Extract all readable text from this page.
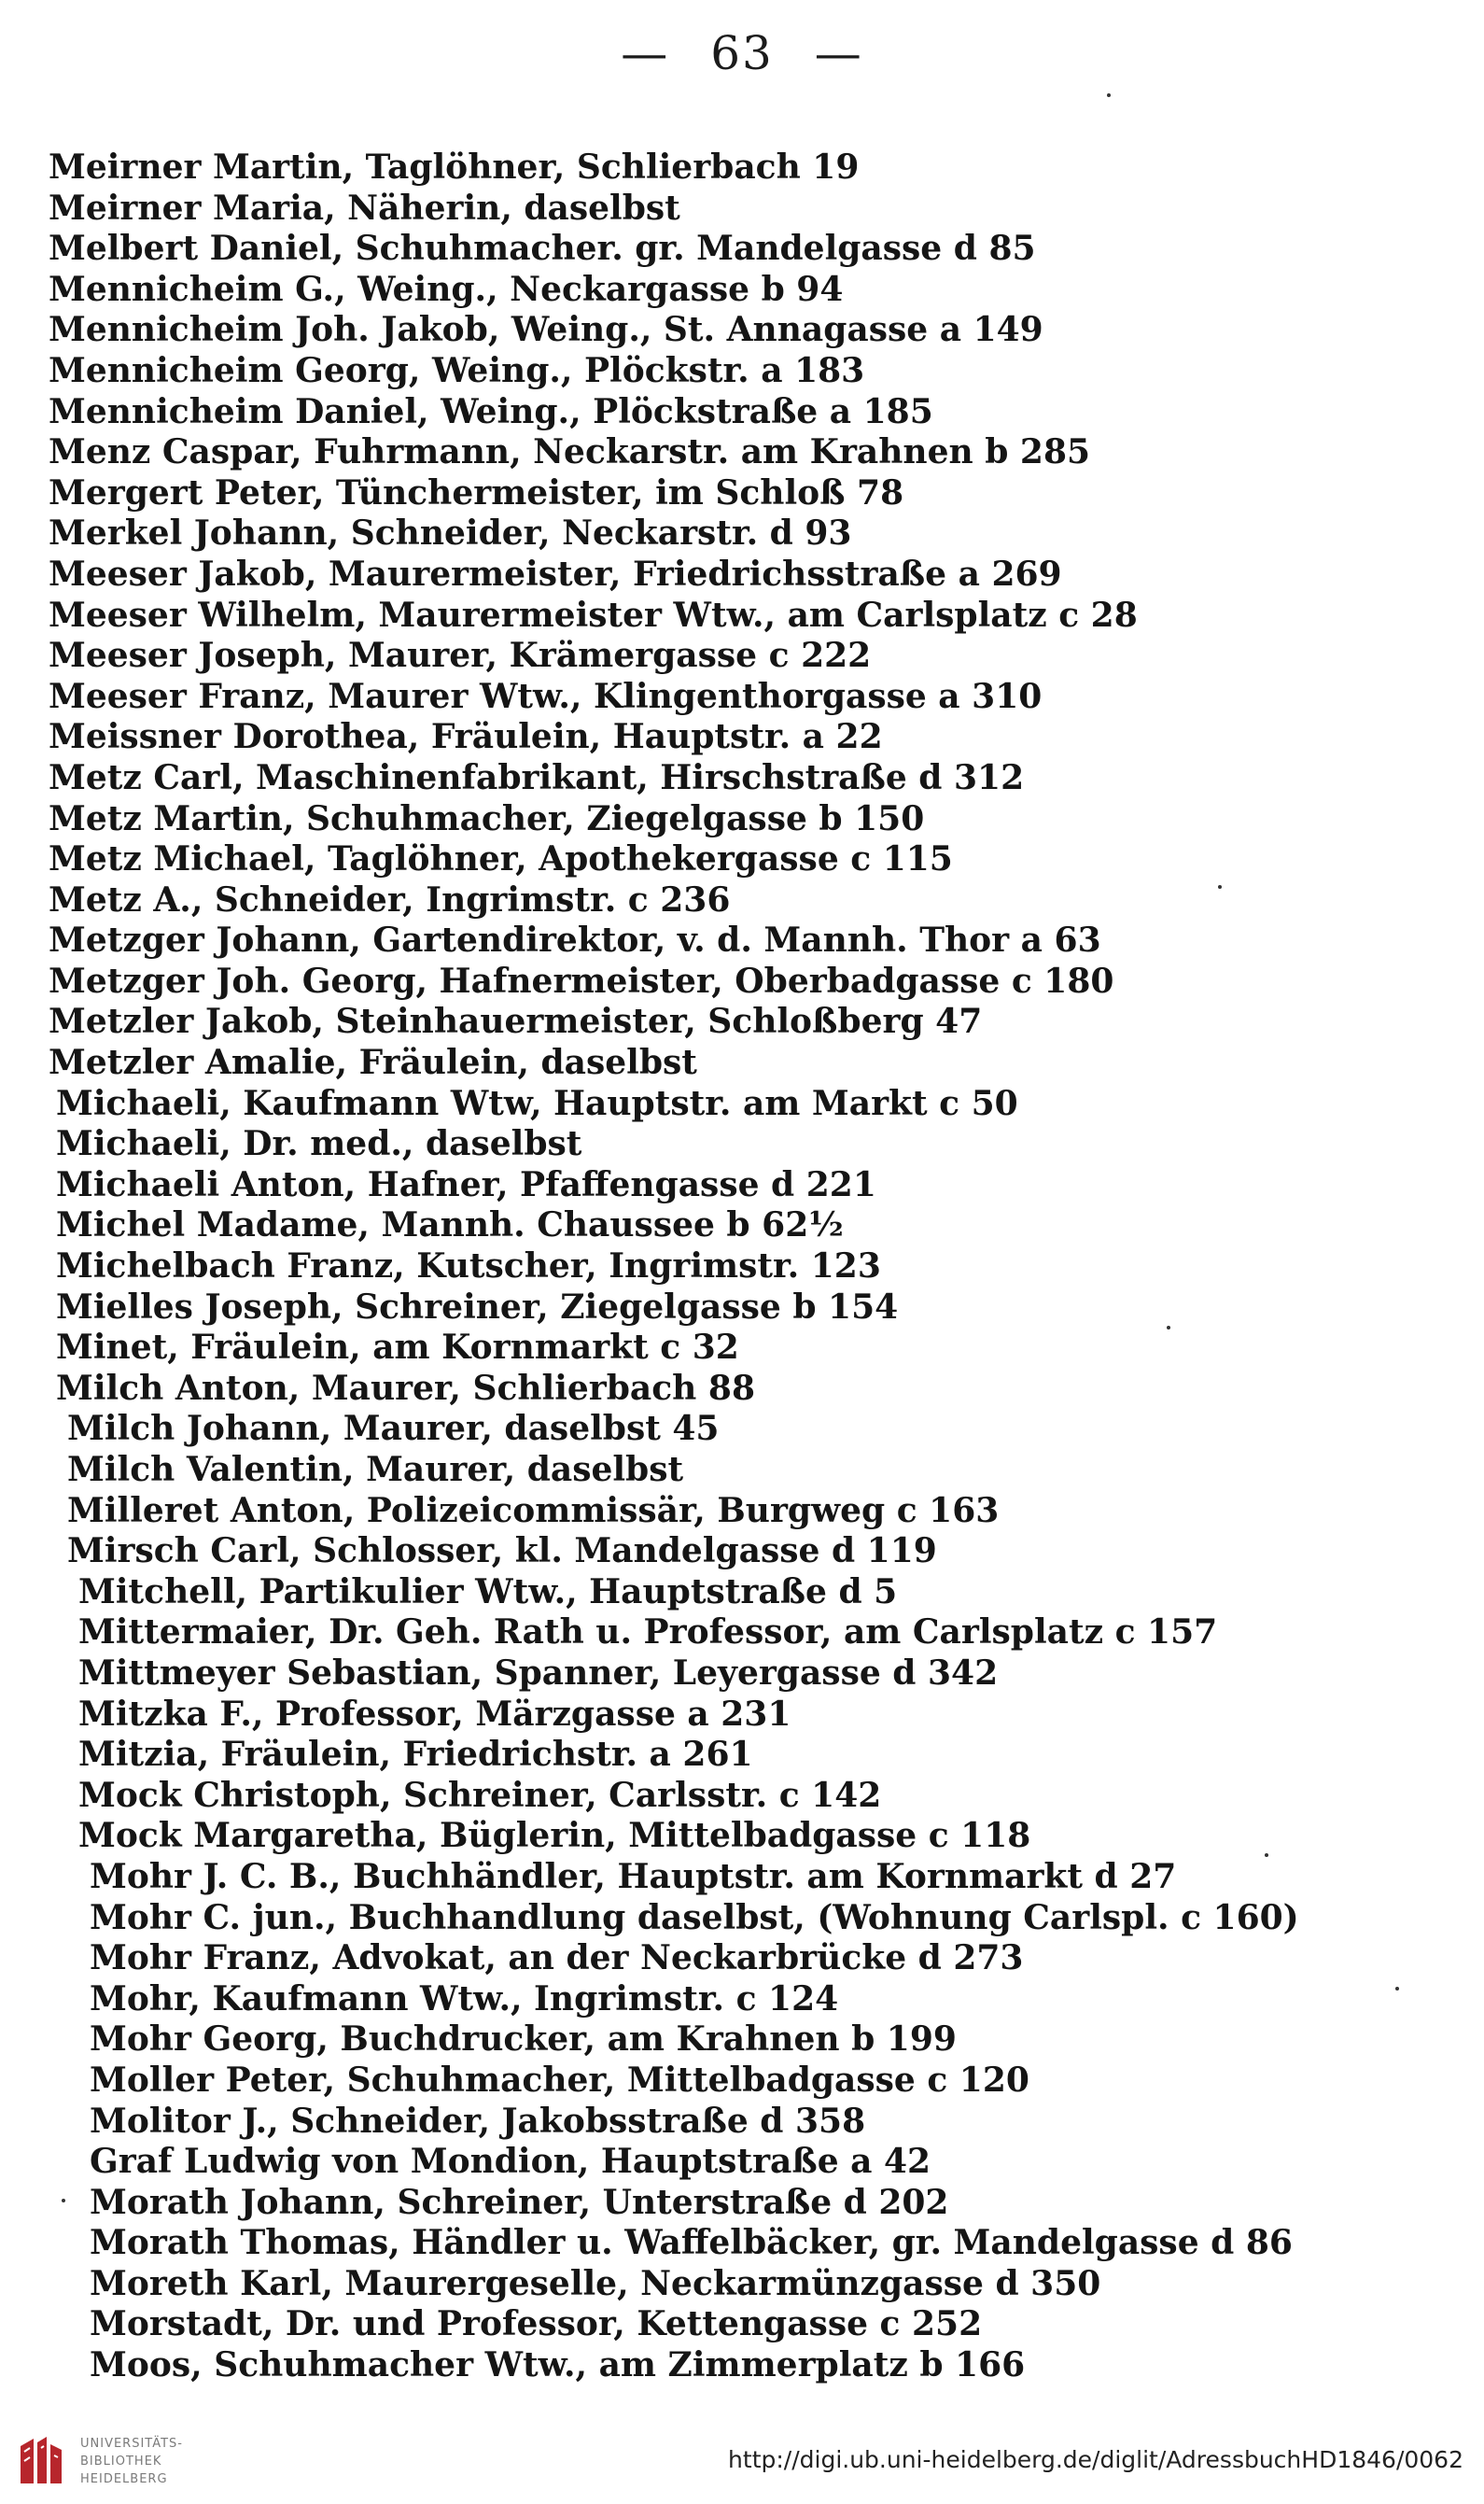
— 63 —
Meirner Martin, Taglöhner, Schlierbach 19
Meirner Maria, Näherin, daselbst
Melbert Daniel, Schuhmacher. gr. Mandelgasse d 85
Mennicheim G., Weing., Neckargasse b 94
Mennicheim Joh. Jakob, Weing., St. Annagasse a 149
Mennicheim Georg, Weing., Plöckstr. a 183
Mennicheim Daniel, Weing., Plöckstraße a 185
Menz Caspar, Fuhrmann, Neckarstr. am Krahnen b 285
Mergert Peter, Tünchermeister, im Schloß 78
Merkel Johann, Schneider, Neckarstr. d 93
Meeser Jakob, Maurermeister, Friedrichsstraße a 269
Meeser Wilhelm, Maurermeister Wtw., am Carlsplatz c 28
Meeser Joseph, Maurer, Krämergasse c 222
Meeser Franz, Maurer Wtw., Klingenthorgasse a 310
Meissner Dorothea, Fräulein, Hauptstr. a 22
Metz Carl, Maschinenfabrikant, Hirschstraße d 312
Metz Martin, Schuhmacher, Ziegelgasse b 150
Metz Michael, Taglöhner, Apothekergasse c 115
Metz A., Schneider, Ingrimstr. c 236
Metzger Johann, Gartendirektor, v. d. Mannh. Thor a 63
Metzger Joh. Georg, Hafnermeister, Oberbadgasse c 180
Metzler Jakob, Steinhauermeister, Schloßberg 47
Metzler Amalie, Fräulein, daselbst
Michaeli, Kaufmann Wtw, Hauptstr. am Markt c 50
Michaeli, Dr. med., daselbst
Michaeli Anton, Hafner, Pfaffengasse d 221
Michel Madame, Mannh. Chaussee b 62½
Michelbach Franz, Kutscher, Ingrimstr. 123
Mielles Joseph, Schreiner, Ziegelgasse b 154
Minet, Fräulein, am Kornmarkt c 32
Milch Anton, Maurer, Schlierbach 88
Milch Johann, Maurer, daselbst 45
Milch Valentin, Maurer, daselbst
Milleret Anton, Polizeicommissär, Burgweg c 163
Mirsch Carl, Schlosser, kl. Mandelgasse d 119
Mitchell, Partikulier Wtw., Hauptstraße d 5
Mittermaier, Dr. Geh. Rath u. Professor, am Carlsplatz c 157
Mittmeyer Sebastian, Spanner, Leyergasse d 342
Mitzka F., Professor, Märzgasse a 231
Mitzia, Fräulein, Friedrichstr. a 261
Mock Christoph, Schreiner, Carlsstr. c 142
Mock Margaretha, Büglerin, Mittelbadgasse c 118
Mohr J. C. B., Buchhändler, Hauptstr. am Kornmarkt d 27
Mohr C. jun., Buchhandlung daselbst, (Wohnung Carlspl. c 160)
Mohr Franz, Advokat, an der Neckarbrücke d 273
Mohr, Kaufmann Wtw., Ingrimstr. c 124
Mohr Georg, Buchdrucker, am Krahnen b 199
Moller Peter, Schuhmacher, Mittelbadgasse c 120
Molitor J., Schneider, Jakobsstraße d 358
Graf Ludwig von Mondion, Hauptstraße a 42
Morath Johann, Schreiner, Unterstraße d 202
Morath Thomas, Händler u. Waffelbäcker, gr. Mandelgasse d 86
Moreth Karl, Maurergeselle, Neckarmünzgasse d 350
Morstadt, Dr. und Professor, Kettengasse c 252
Moos, Schuhmacher Wtw., am Zimmerplatz b 166
UNIVERSITÄTS-
BIBLIOTHEK
HEIDELBERG
http://digi.ub.uni-heidelberg.de/diglit/AdressbuchHD1846/0062
